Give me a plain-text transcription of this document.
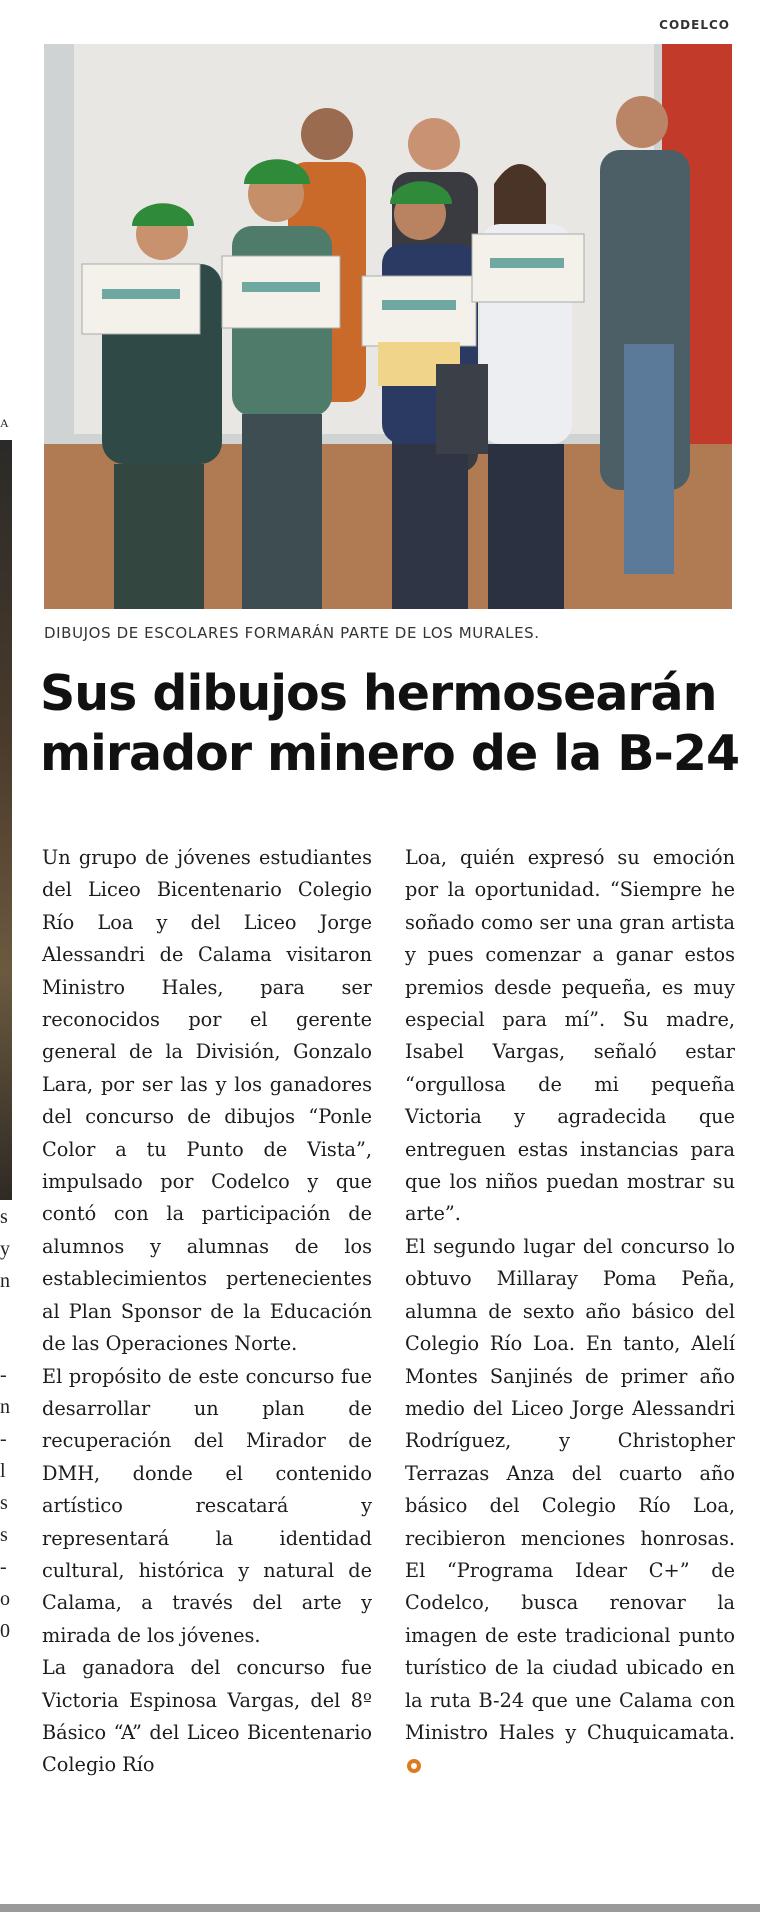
A
s
y
n
-
n
-
l
s
s
-
o
0
CODELCO
DIBUJOS DE ESCOLARES FORMARÁN PARTE DE LOS MURALES.
Sus dibujos hermosearán
mirador minero de la B-24

Un grupo de jóvenes estudiantes del Liceo Bicentenario Colegio Río Loa y del Liceo Jorge Alessandri de Calama visitaron Ministro Hales, para ser reconocidos por el gerente general de la División, Gonzalo Lara, por ser las y los ganadores del concurso de dibujos “Ponle Color a tu Punto de Vista”, impulsado por Codelco y que contó con la participación de alumnos y alumnas de los establecimientos pertenecientes al Plan Sponsor de la Educación de las Operaciones Norte.

El propósito de este concurso fue desarrollar un plan de recuperación del Mirador de DMH, donde el contenido artístico rescatará y representará la identidad cultural, histórica y natural de Calama, a través del arte y mirada de los jóvenes.

La ganadora del concurso fue Victoria Espinosa Vargas, del 8º Básico “A” del Liceo Bicentenario Colegio Río

Loa, quién expresó su emoción por la oportunidad. “Siempre he soñado como ser una gran artista y pues comenzar a ganar estos premios desde pequeña, es muy especial para mí”. Su madre, Isabel Vargas, señaló estar “orgullosa de mi pequeña Victoria y agradecida que entreguen estas instancias para que los niños puedan mostrar su arte”.

El segundo lugar del concurso lo obtuvo Millaray Poma Peña, alumna de sexto año básico del Colegio Río Loa. En tanto, Alelí Montes Sanjinés de primer año medio del Liceo Jorge Alessandri Rodríguez, y Christopher Terrazas Anza del cuarto año básico del Colegio Río Loa, recibieron menciones honrosas. El “Programa Idear C+” de Codelco, busca renovar la imagen de este tradicional punto turístico de la ciudad ubicado en la ruta B-24 que une Calama con Ministro Hales y Chuquicamata.
